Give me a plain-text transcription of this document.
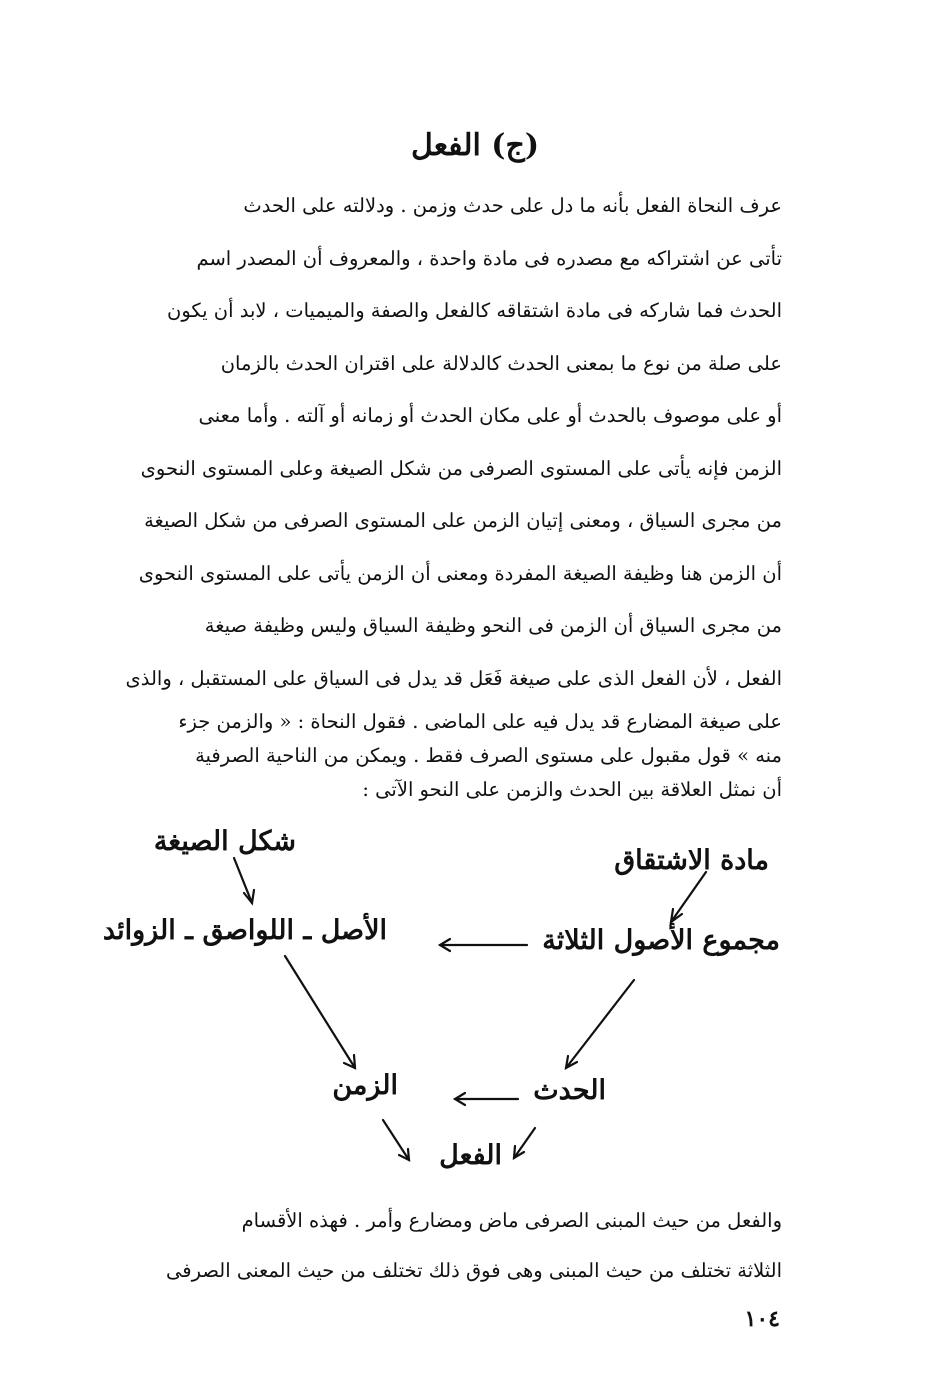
(ج) الفعل
عرف النحاة الفعل بأنه ما دل على حدث وزمن . ودلالته على الحدث
تأتى عن اشتراكه مع مصدره فى مادة واحدة ، والمعروف أن المصدر اسم
الحدث فما شاركه فى مادة اشتقاقه كالفعل والصفة والميميات ، لابد أن يكون
على صلة من نوع ما بمعنى الحدث كالدلالة على اقتران الحدث بالزمان
أو على موصوف بالحدث أو على مكان الحدث أو زمانه أو آلته . وأما معنى
الزمن فإنه يأتى على المستوى الصرفى من شكل الصيغة وعلى المستوى النحوى
من مجرى السياق ، ومعنى إتيان الزمن على المستوى الصرفى من شكل الصيغة
أن الزمن هنا وظيفة الصيغة المفردة ومعنى أن الزمن يأتى على المستوى النحوى
من مجرى السياق أن الزمن فى النحو وظيفة السياق وليس وظيفة صيغة
الفعل ، لأن الفعل الذى على صيغة فَعَل قد يدل فى السياق على المستقبل ، والذى
على صيغة المضارع قد يدل فيه على الماضى . فقول النحاة : « والزمن جزء
منه » قول مقبول على مستوى الصرف فقط . ويمكن من الناحية الصرفية
أن نمثل العلاقة بين الحدث والزمن على النحو الآتى :
شكل الصيغة
مادة الاشتقاق
الأصل ـ اللواصق ـ الزوائد	مجموع الأصول الثلاثة
الحدث
الزمن
الفعل
والفعل من حيث المبنى الصرفى ماض ومضارع وأمر . فهذه الأقسام
الثلاثة تختلف من حيث المبنى وهى فوق ذلك تختلف من حيث المعنى الصرفى
١٠٤
